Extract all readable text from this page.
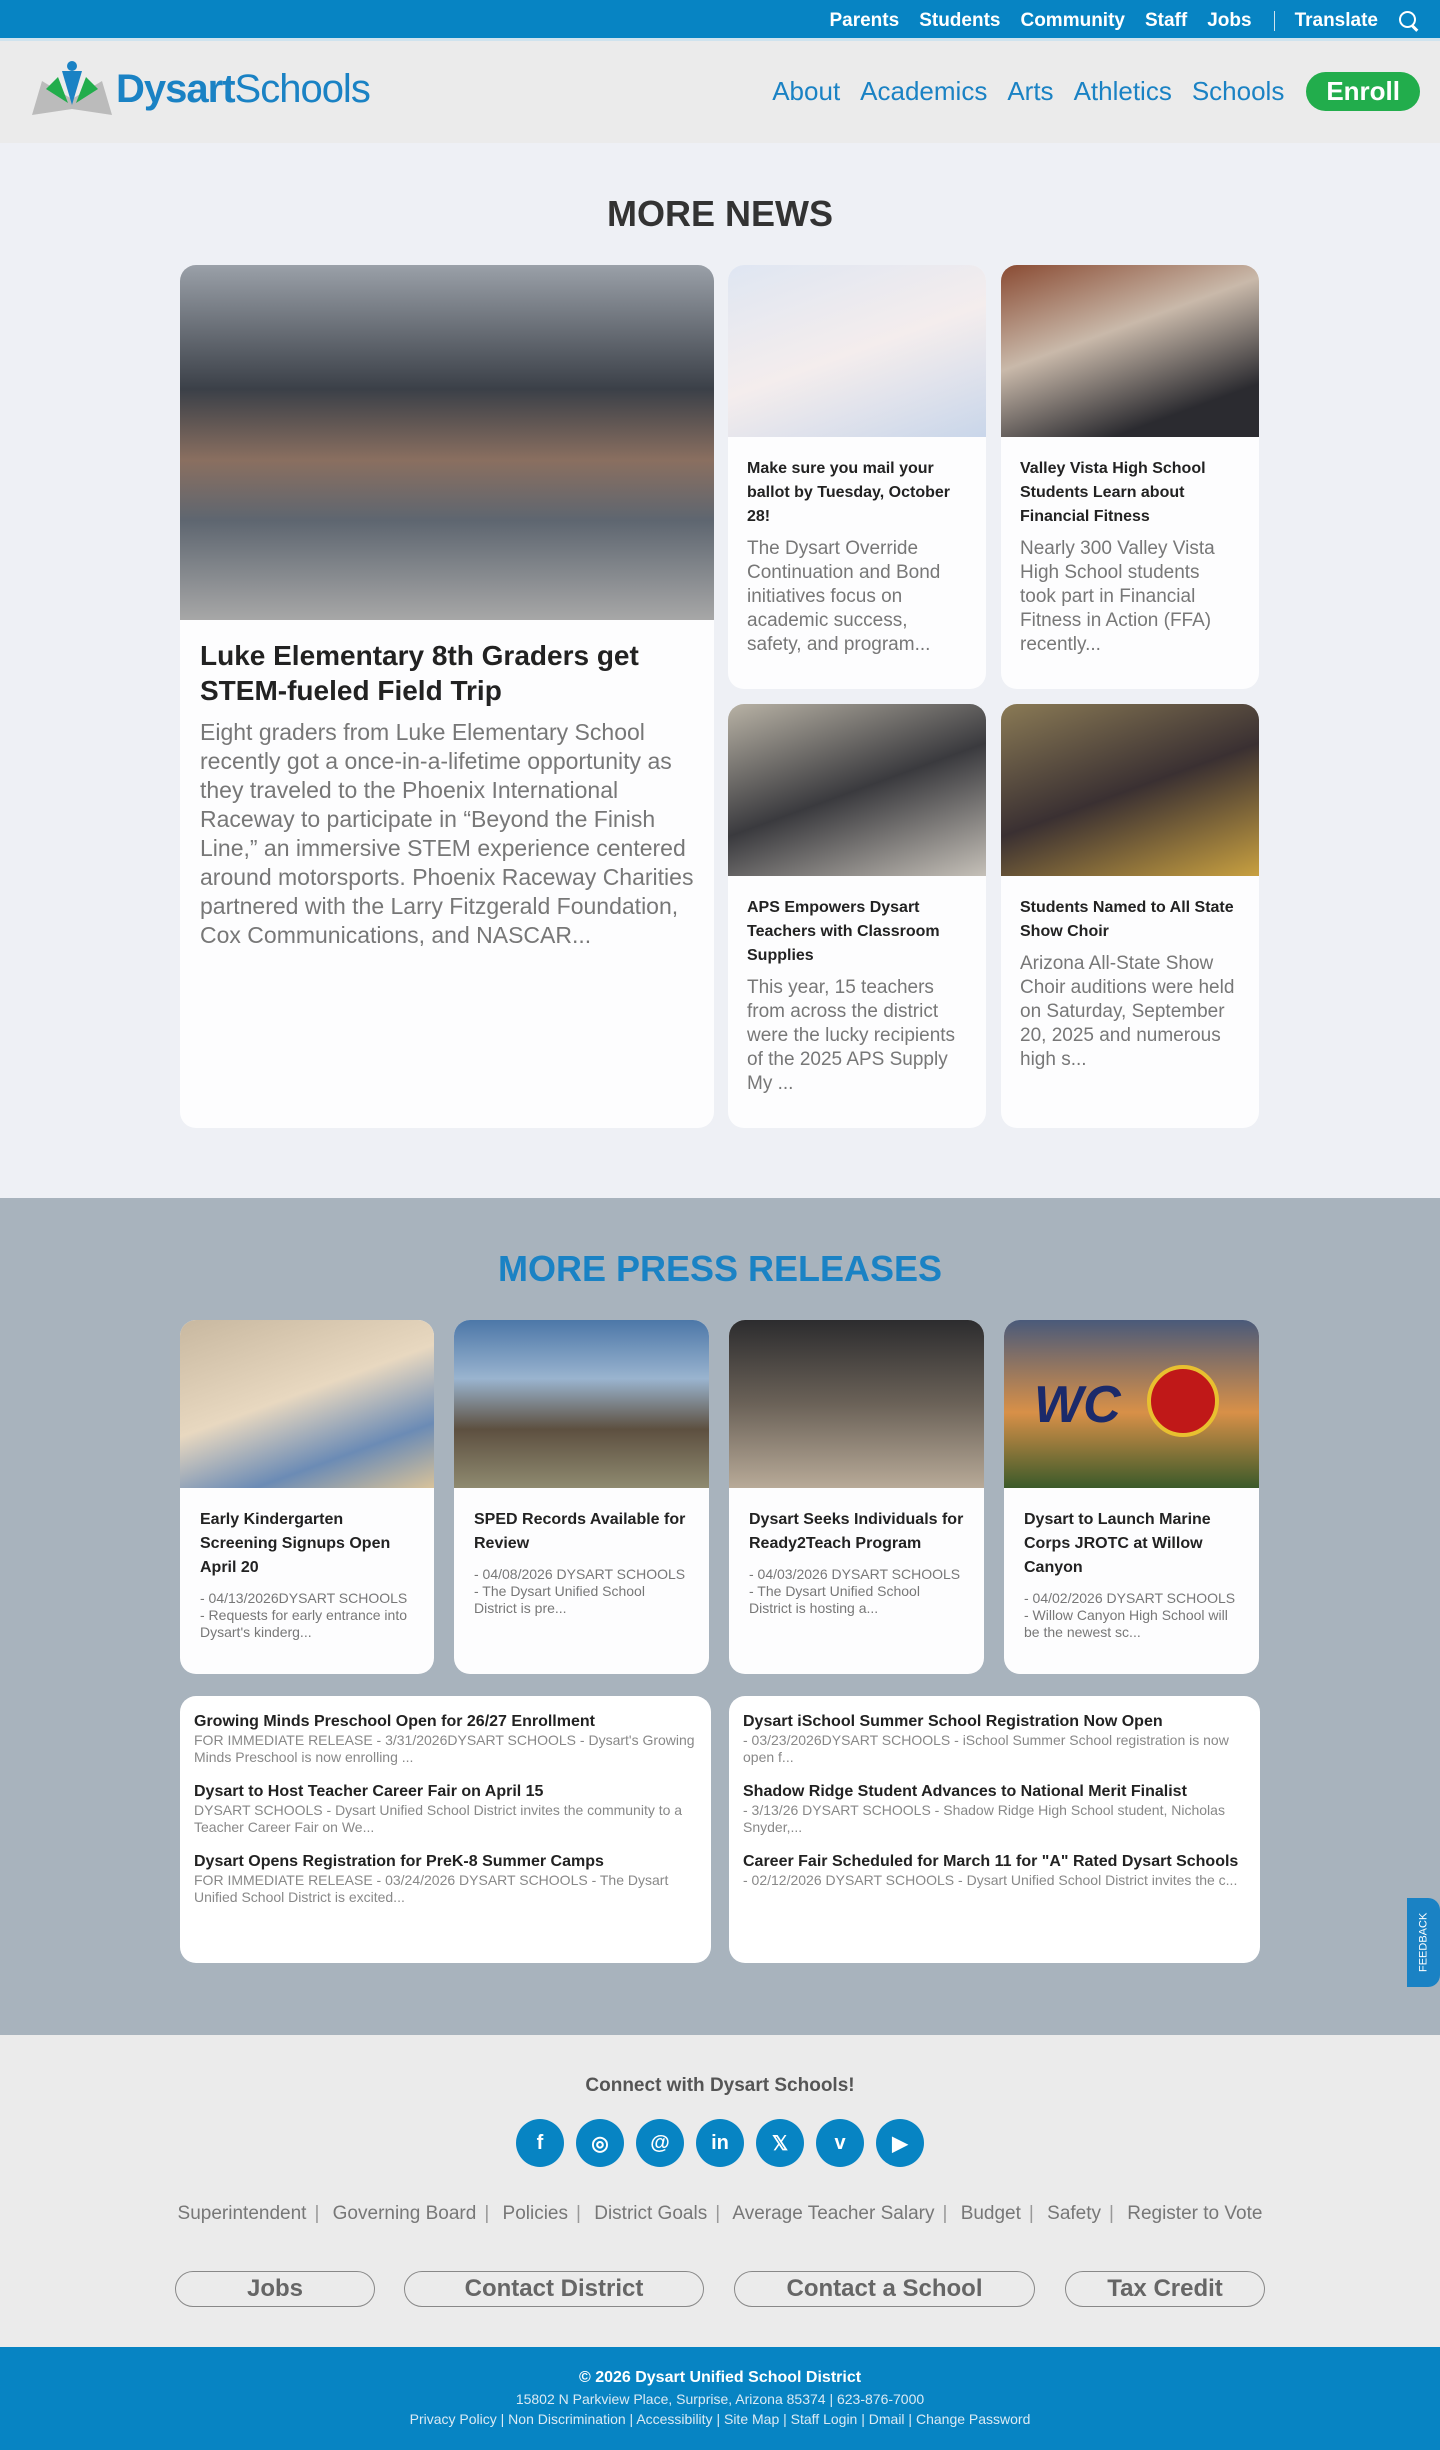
Parents Students Community Staff Jobs Translate
DysartSchools	About Academics Arts Athletics Schools	Enroll
MORE NEWS
Luke Elementary 8th Graders get STEM-fueled Field Trip
Eight graders from Luke Elementary School recently got a once-in-a-lifetime opportunity as they traveled to the Phoenix International Raceway to participate in “Beyond the Finish Line,” an immersive STEM experience centered around motorsports. Phoenix Raceway Charities partnered with the Larry Fitzgerald Foundation, Cox Communications, and NASCAR...
Make sure you mail your ballot by Tuesday, October 28!
The Dysart Override Continuation and Bond initiatives focus on academic success, safety, and program...
Valley Vista High School Students Learn about Financial Fitness
Nearly 300 Valley Vista High School students took part in Financial Fitness in Action (FFA) recently...
APS Empowers Dysart Teachers with Classroom Supplies
This year, 15 teachers from across the district were the lucky recipients of the 2025 APS Supply My ...
Students Named to All State Show Choir
Arizona All-State Show Choir auditions were held on Saturday, September 20, 2025 and numerous high s...
MORE PRESS RELEASES
Early Kindergarten Screening Signups Open April 20
- 04/13/2026DYSART SCHOOLS - Requests for early entrance into Dysart's kinderg...
SPED Records Available for Review
- 04/08/2026 DYSART SCHOOLS - The Dysart Unified School District is pre...
Dysart Seeks Individuals for Ready2Teach Program
- 04/03/2026 DYSART SCHOOLS - The Dysart Unified School District is hosting a...
WC
Dysart to Launch Marine Corps JROTC at Willow Canyon
- 04/02/2026 DYSART SCHOOLS - Willow Canyon High School will be the newest sc...
Growing Minds Preschool Open for 26/27 Enrollment
FOR IMMEDIATE RELEASE - 3/31/2026DYSART SCHOOLS - Dysart's Growing Minds Preschool is now enrolling ...
Dysart to Host Teacher Career Fair on April 15
DYSART SCHOOLS - Dysart Unified School District invites the community to a Teacher Career Fair on We...
Dysart Opens Registration for PreK-8 Summer Camps
FOR IMMEDIATE RELEASE - 03/24/2026 DYSART SCHOOLS - The Dysart Unified School District is excited...
Dysart iSchool Summer School Registration Now Open
- 03/23/2026DYSART SCHOOLS - iSchool Summer School registration is now open f...
Shadow Ridge Student Advances to National Merit Finalist
- 3/13/26 DYSART SCHOOLS - Shadow Ridge High School student, Nicholas Snyder,...
Career Fair Scheduled for March 11 for "A" Rated Dysart Schools
- 02/12/2026 DYSART SCHOOLS - Dysart Unified School District invites the c...
FEEDBACK
Connect with Dysart Schools!
f	◎	@	in	𝕏	v	▶
Superintendent | Governing Board | Policies | District Goals | Average Teacher Salary | Budget | Safety | Register to Vote
Jobs	Contact District	Contact a School	Tax Credit
© 2026 Dysart Unified School District
15802 N Parkview Place, Surprise, Arizona 85374 | 623-876-7000
Privacy Policy | Non Discrimination | Accessibility | Site Map | Staff Login | Dmail | Change Password
